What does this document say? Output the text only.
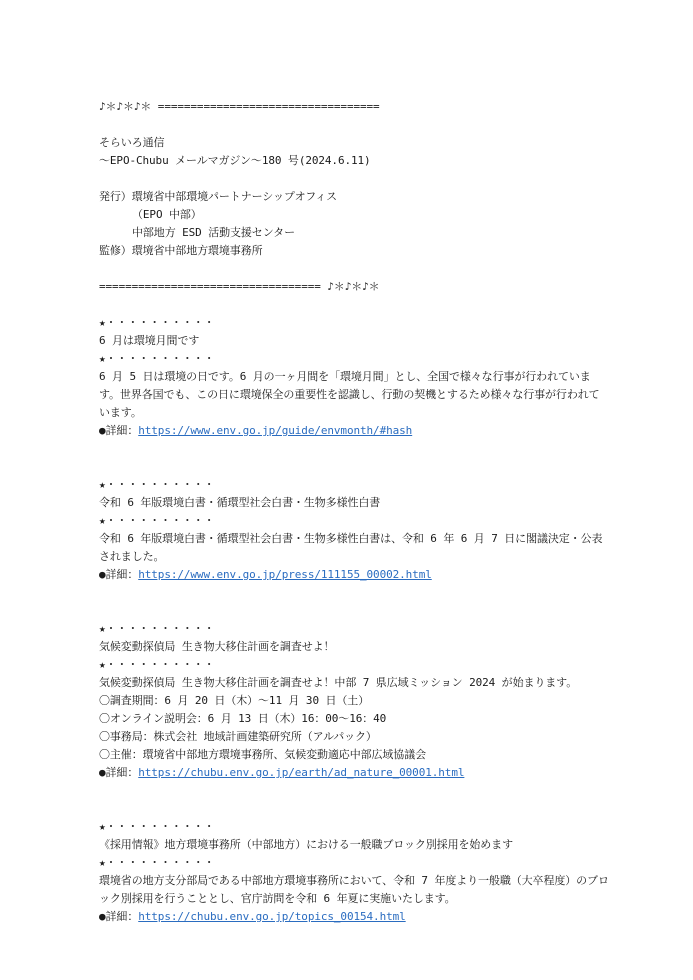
♪＊♪＊♪＊ ==================================
そらいろ通信
～EPO-Chubu メールマガジン～180 号(2024.6.11)
発行）環境省中部環境パートナーシップオフィス
（EPO 中部）
中部地方 ESD 活動支援センター
監修）環境省中部地方環境事務所
================================== ♪＊♪＊♪＊
★・・・・・・・・・・
6 月は環境月間です
★・・・・・・・・・・
6 月 5 日は環境の日です。6 月の一ヶ月間を「環境月間」とし、全国で様々な行事が行われています。世界各国でも、この日に環境保全の重要性を認識し、行動の契機とするため様々な行事が行われています。
●詳細：https://www.env.go.jp/guide/envmonth/#hash
★・・・・・・・・・・
令和 6 年版環境白書・循環型社会白書・生物多様性白書
★・・・・・・・・・・
令和 6 年版環境白書・循環型社会白書・生物多様性白書は、令和 6 年 6 月 7 日に閣議決定・公表されました。
●詳細：https://www.env.go.jp/press/111155_00002.html
★・・・・・・・・・・
気候変動探偵局 生き物大移住計画を調査せよ！
★・・・・・・・・・・
気候変動探偵局 生き物大移住計画を調査せよ！中部 7 県広域ミッション 2024 が始まります。
〇調査期間：6 月 20 日（木）～11 月 30 日（土）
〇オンライン説明会：6 月 13 日（木）16：00～16：40
〇事務局：株式会社 地域計画建築研究所（アルパック）
〇主催：環境省中部地方環境事務所、気候変動適応中部広域協議会
●詳細：https://chubu.env.go.jp/earth/ad_nature_00001.html
★・・・・・・・・・・
《採用情報》地方環境事務所（中部地方）における一般職ブロック別採用を始めます
★・・・・・・・・・・
環境省の地方支分部局である中部地方環境事務所において、令和 7 年度より一般職（大卒程度）のブロック別採用を行うこととし、官庁訪問を令和 6 年夏に実施いたします。
●詳細：https://chubu.env.go.jp/topics_00154.html
